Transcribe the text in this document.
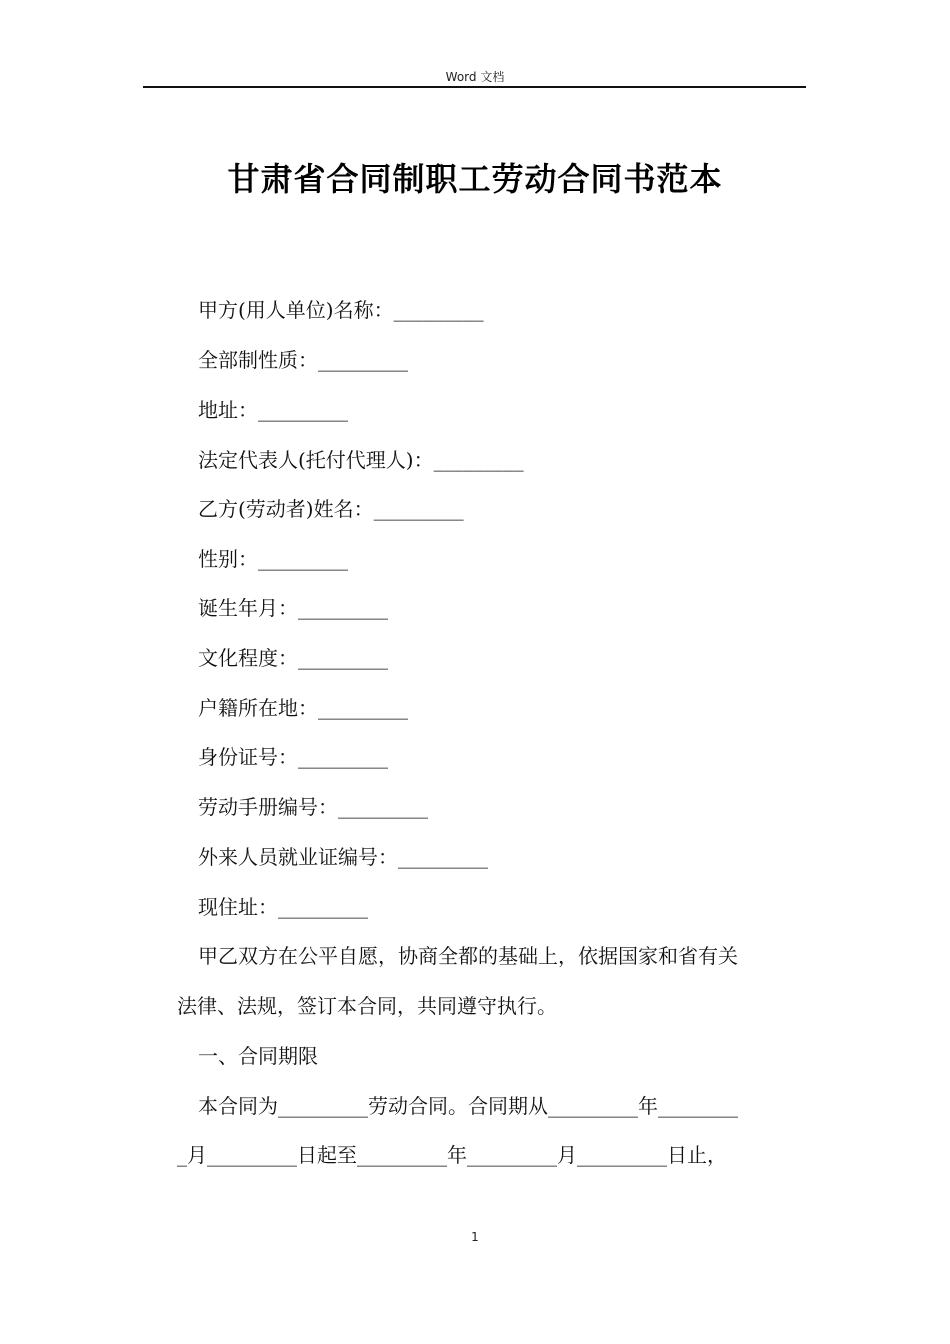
Word 文档
甘肃省合同制职工劳动合同书范本
甲方(用人单位)名称：_________
全部制性质：_________
地址：_________
法定代表人(托付代理人)：_________
乙方(劳动者)姓名：_________
性别：_________
诞生年月：_________
文化程度：_________
户籍所在地：_________
身份证号：_________
劳动手册编号：_________
外来人员就业证编号：_________
现住址：_________
甲乙双方在公平自愿，协商全都的基础上，依据国家和省有关
法律、法规，签订本合同，共同遵守执行。
一、合同期限
本合同为_________劳动合同。合同期从_________年________
_月_________日起至_________年_________月_________日止，
1
